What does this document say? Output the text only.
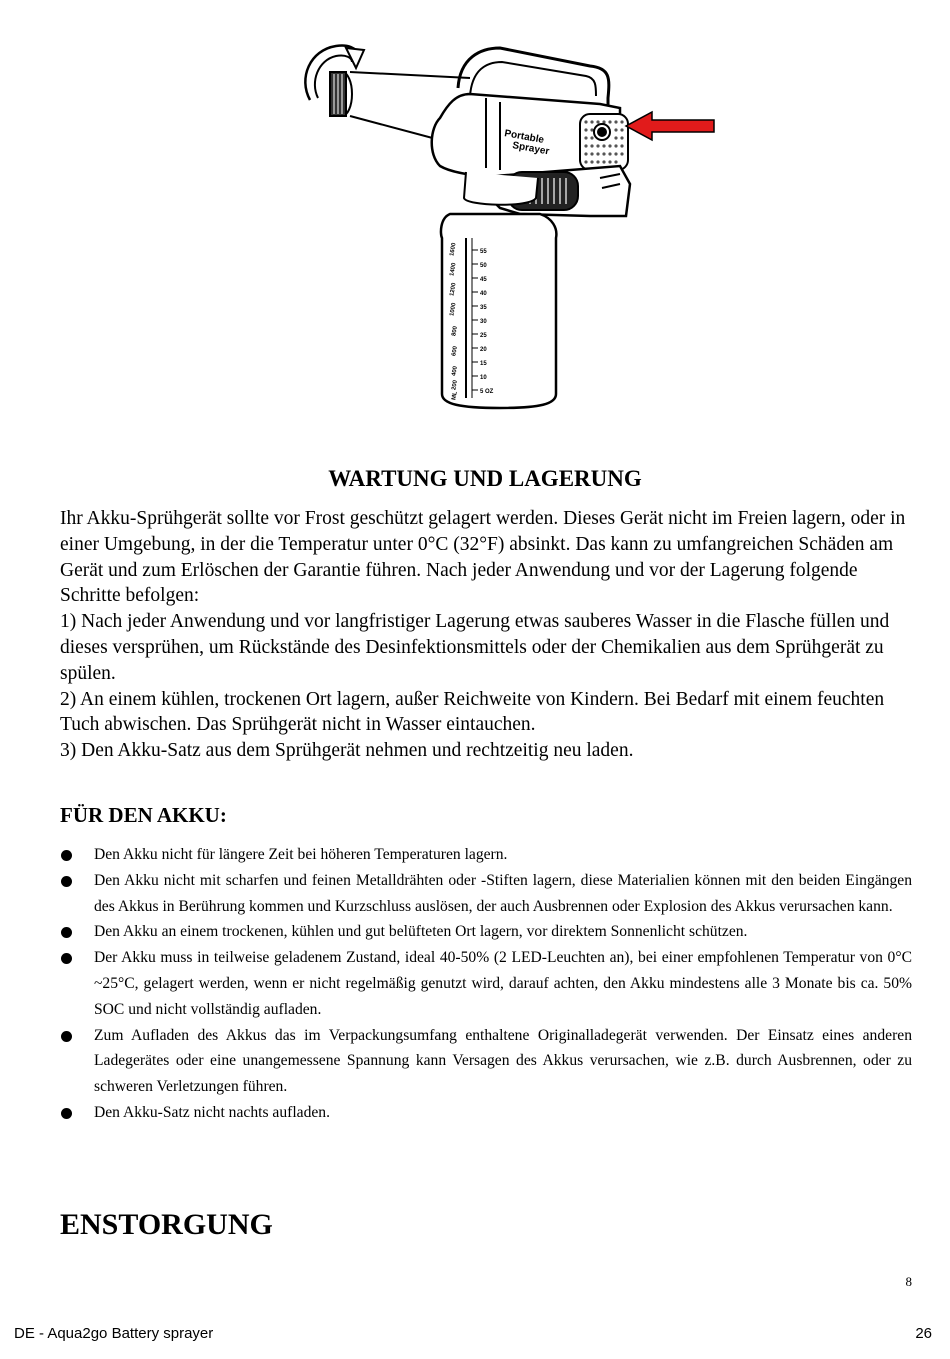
Portable
Sprayer
1600
1400
1200
1000
800
600
400
200
ML
55
50
45
40
35
30
25
20
15
10
5 OZ
WARTUNG UND LAGERUNG

Ihr Akku-Sprühgerät sollte vor Frost geschützt gelagert werden. Dieses Gerät nicht im Freien lagern, oder in einer Umgebung, in der die Temperatur unter 0°C (32°F) absinkt. Das kann zu umfangreichen Schäden am Gerät und zum Erlöschen der Garantie führen. Nach jeder Anwendung und vor der Lagerung folgende Schritte befolgen:

1) Nach jeder Anwendung und vor langfristiger Lagerung etwas sauberes Wasser in die Flasche füllen und dieses versprühen, um Rückstände des Desinfektionsmittels oder der Chemikalien aus dem Sprühgerät zu spülen.

2) An einem kühlen, trockenen Ort lagern, außer Reichweite von Kindern. Bei Bedarf mit einem feuchten Tuch abwischen. Das Sprühgerät nicht in Wasser eintauchen.

3) Den Akku-Satz aus dem Sprühgerät nehmen und rechtzeitig neu laden.

FÜR DEN AKKU:
Den Akku nicht für längere Zeit bei höheren Temperaturen lagern.
Den Akku nicht mit scharfen und feinen Metalldrähten oder -Stiften lagern, diese Materialien können mit den beiden Eingängen des Akkus in Berührung kommen und Kurzschluss auslösen, der auch Ausbrennen oder Explosion des Akkus verursachen kann.
Den Akku an einem trockenen, kühlen und gut belüfteten Ort lagern, vor direktem Sonnenlicht schützen.
Der Akku muss in teilweise geladenem Zustand, ideal 40-50% (2 LED-Leuchten an), bei einer empfohlenen Temperatur von 0°C ~25°C, gelagert werden, wenn er nicht regelmäßig genutzt wird, darauf achten, den Akku mindestens alle 3 Monate bis ca. 50% SOC und nicht vollständig aufladen.
Zum Aufladen des Akkus das im Verpackungsumfang enthaltene Originalladegerät verwenden. Der Einsatz eines anderen Ladegerätes oder eine unangemessene Spannung kann Versagen des Akkus verursachen, wie z.B. durch Ausbrennen, oder zu schweren Verletzungen führen.
Den Akku-Satz nicht nachts aufladen.
ENSTORGUNG
8
DE - Aqua2go Battery sprayer	26
